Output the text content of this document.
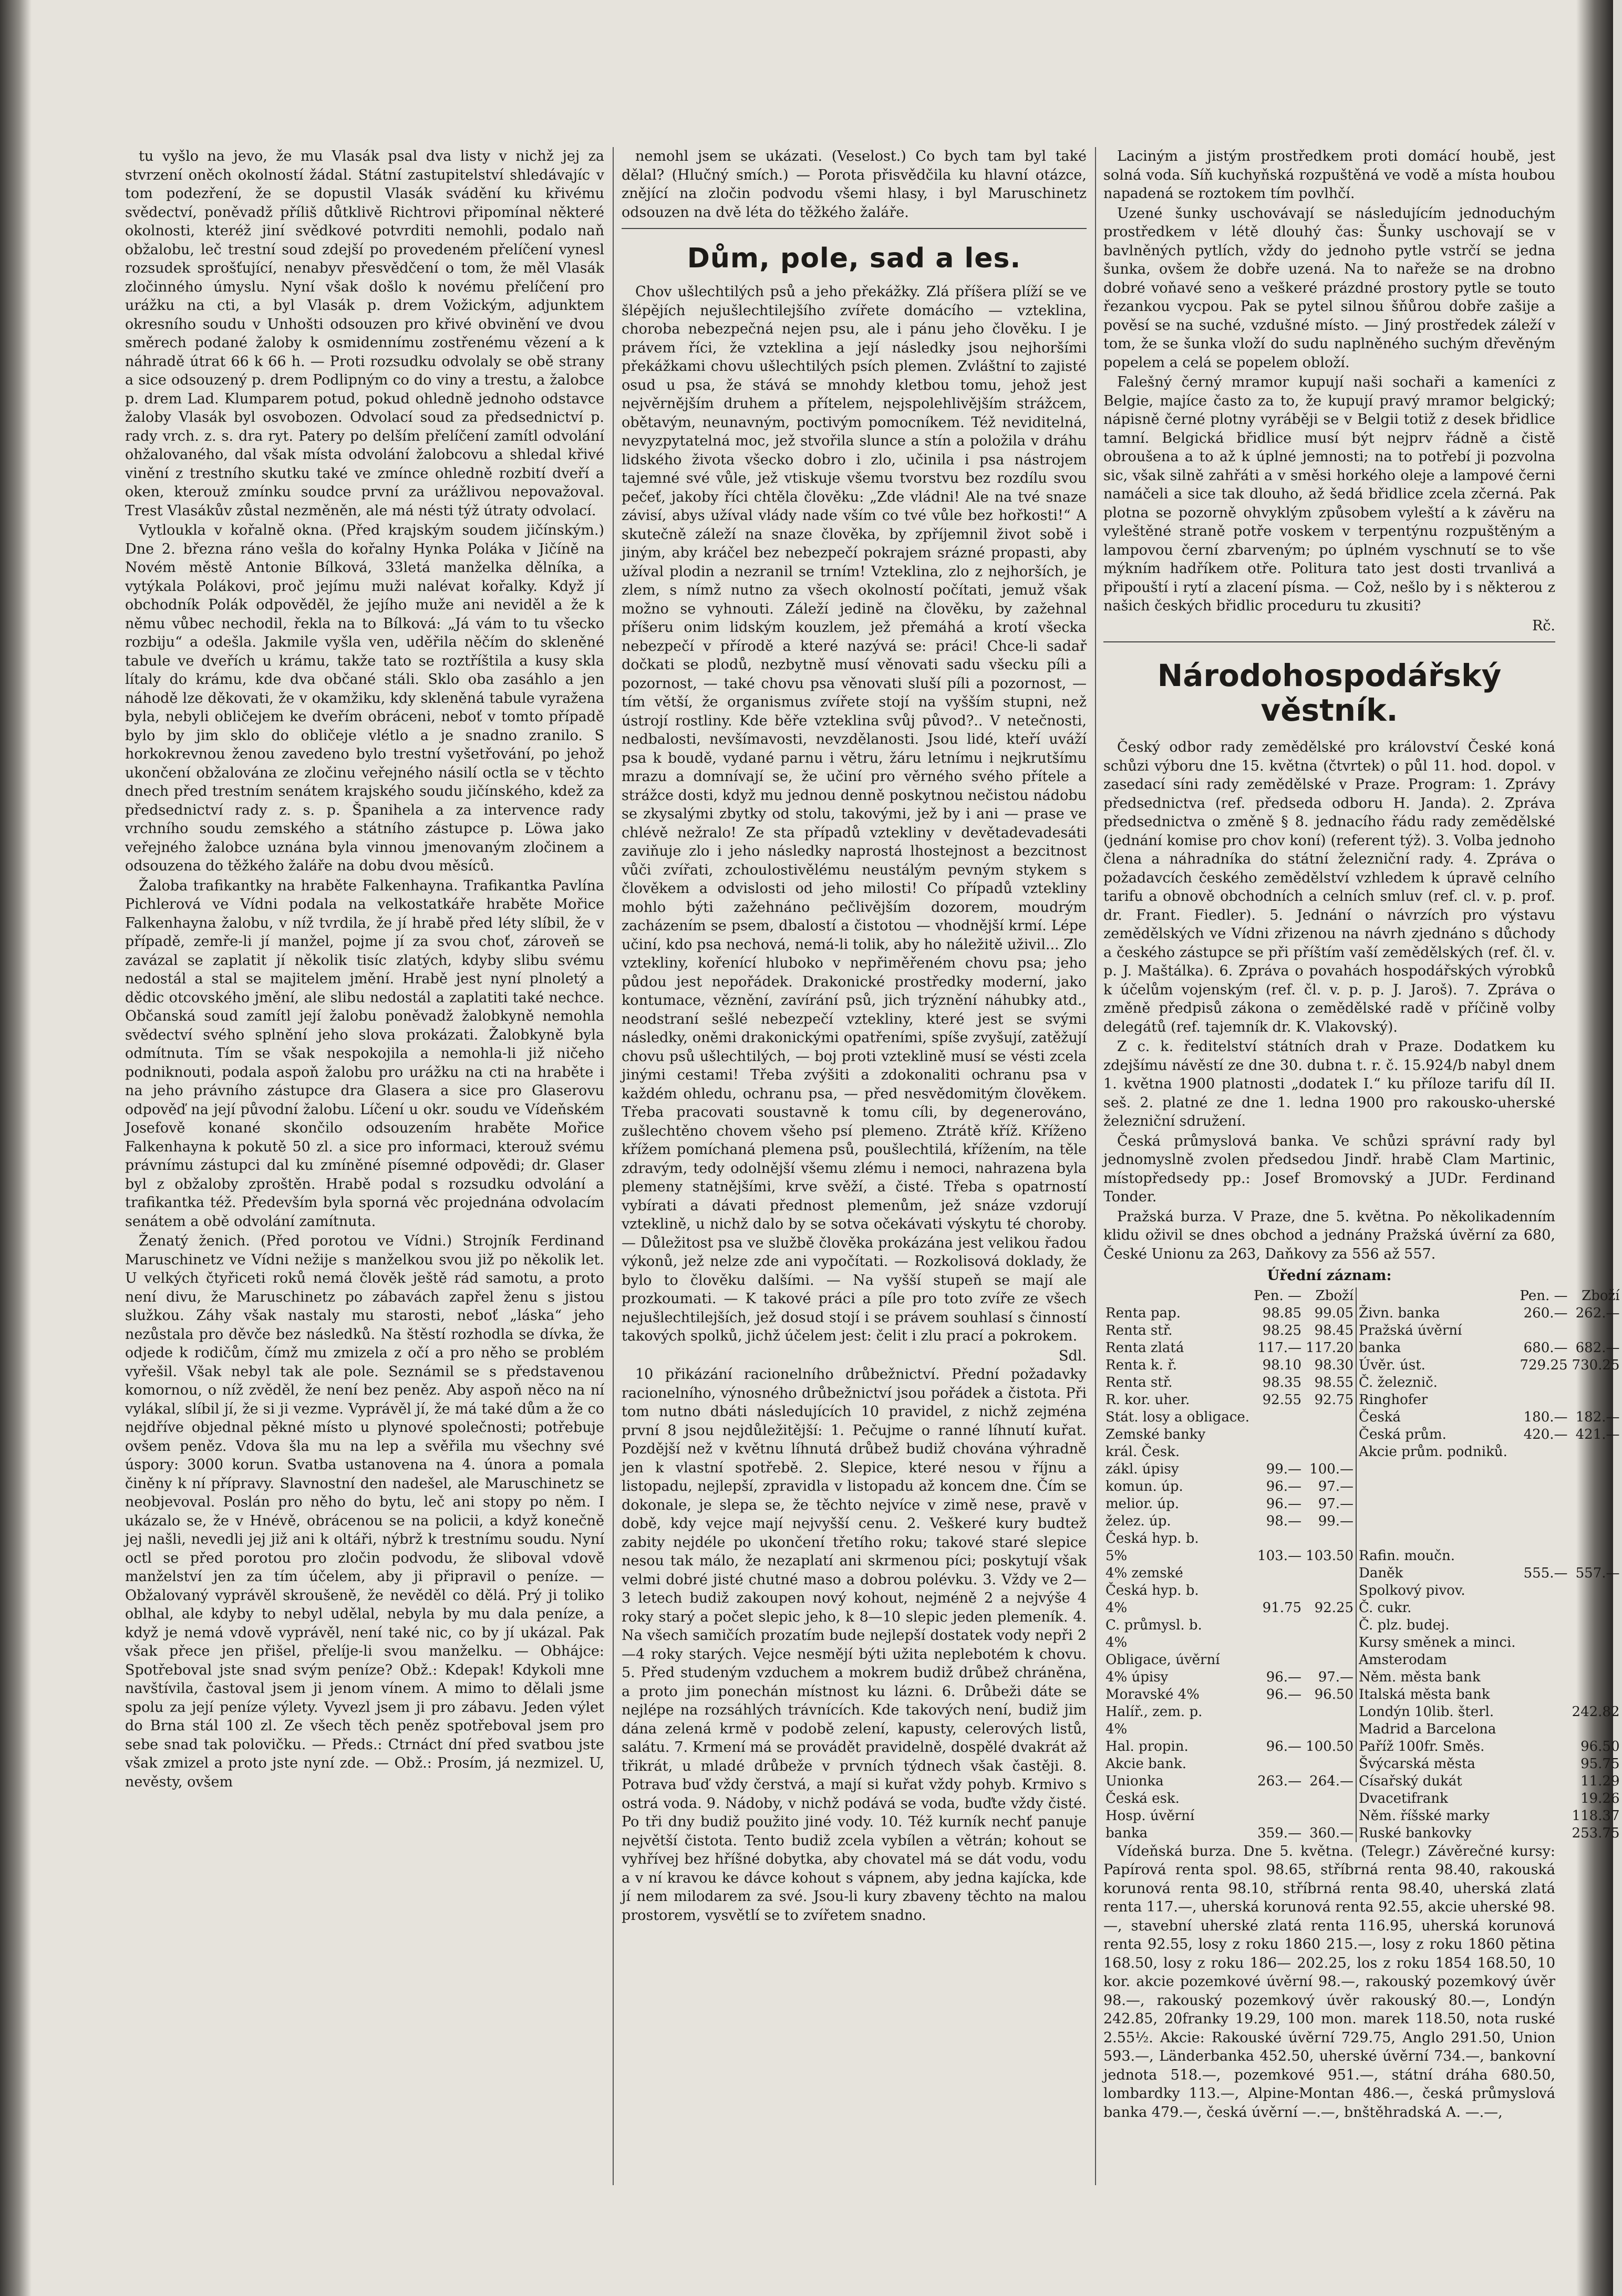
tu vyšlo na jevo, že mu Vlasák psal dva listy v nichž jej za stvrzení oněch okolností žádal. Státní zastupitelství shledávajíc v tom podezření, že se dopustil Vlasák svádění ku křivému svědectví, poněvadž příliš důtklivě Richtrovi připomínal některé okolnosti, kteréž jiní svědkové potvrditi nemohli, podalo naň obžalobu, leč trestní soud zdejší po provedeném přelíčení vynesl rozsudek sprošťující, nenabyv přesvědčení o tom, že měl Vlasák zločinného úmyslu. Nyní však došlo k novému přelíčení pro urážku na cti, a byl Vlasák p. drem Vožickým, adjunktem okresního soudu v Unhošti odsouzen pro křivé obvinění ve dvou směrech podané žaloby k osmidennímu zostřenému vězení a k náhradě útrat 66 k 66 h. — Proti rozsudku odvolaly se obě strany a sice odsouzený p. drem Podlipným co do viny a trestu, a žalobce p. drem Lad. Klumparem potud, pokud ohledně jednoho odstavce žaloby Vlasák byl osvobozen. Odvolací soud za předsednictví p. rady vrch. z. s. dra ryt. Patery po delším přelíčení zamítl odvolání ohžalovaného, dal však místa odvolání žalobcovu a shledal křivé vinění z trestního skutku také ve zmínce ohledně rozbití dveří a oken, kterouž zmínku soudce první za urážlivou nepovažoval. Trest Vlasákův zůstal nezměněn, ale má nésti týž útraty odvolací.

Vytloukla v kořalně okna. (Před krajským soudem jičínským.) Dne 2. března ráno vešla do kořalny Hynka Poláka v Jičíně na Novém městě Antonie Bílková, 33letá manželka dělníka, a vytýkala Polákovi, proč jejímu muži nalévat kořalky. Když jí obchodník Polák odpověděl, že jejího muže ani neviděl a že k němu vůbec nechodil, řekla na to Bílková: „Já vám to tu všecko rozbiju“ a odešla. Jakmile vyšla ven, uděřila něčím do skleněné tabule ve dveřích u krámu, takže tato se roztříštila a kusy skla lítaly do krámu, kde dva občané stáli. Sklo oba zasáhlo a jen náhodě lze děkovati, že v okamžiku, kdy skleněná tabule vyražena byla, nebyli obličejem ke dveřím obráceni, neboť v tomto případě bylo by jim sklo do obličeje vlétlo a je snadno zranilo. S horkokrevnou ženou zavedeno bylo trestní vyšetřování, po jehož ukončení obžalována ze zločinu veřejného násilí octla se v těchto dnech před trestním senátem krajského soudu jičínského, kdež za předsednictví rady z. s. p. Španihela a za intervence rady vrchního soudu zemského a státního zástupce p. Löwa jako veřejného žalobce uznána byla vinnou jmenovaným zločinem a odsouzena do těžkého žaláře na dobu dvou měsíců.

Žaloba trafikantky na hraběte Falkenhayna. Trafikantka Pavlína Pichlerová ve Vídni podala na velkostatkáře hraběte Mořice Falkenhayna žalobu, v níž tvrdila, že jí hrabě před léty slíbil, že v případě, zemře-li jí manžel, pojme jí za svou choť, zároveň se zavázal se zaplatit jí několik tisíc zlatých, kdyby slibu svému nedostál a stal se majitelem jmění. Hrabě jest nyní plnoletý a dědic otcovského jmění, ale slibu nedostál a zaplatiti také nechce. Občanská soud zamítl její žalobu poněvadž žalobkyně nemohla svědectví svého splnění jeho slova prokázati. Žalobkyně byla odmítnuta. Tím se však nespokojila a nemohla-li již ničeho podniknouti, podala aspoň žalobu pro urážku na cti na hraběte i na jeho právního zástupce dra Glasera a sice pro Glaserovu odpověď na její původní žalobu. Líčení u okr. soudu ve Vídeňském Josefově konané skončilo odsouzením hraběte Mořice Falkenhayna k pokutě 50 zl. a sice pro informaci, kterouž svému právnímu zástupci dal ku zmíněné písemné odpovědi; dr. Glaser byl z obžaloby zproštěn. Hrabě podal s rozsudku odvolání a trafikantka též. Především byla sporná věc projednána odvolacím senátem a obě odvolání zamítnuta.

Ženatý ženich. (Před porotou ve Vídni.) Strojník Ferdinand Maruschinetz ve Vídni nežije s manželkou svou již po několik let. U velkých čtyřiceti roků nemá člověk ještě rád samotu, a proto není divu, že Maruschinetz po zábavách zapřel ženu s jistou služkou. Záhy však nastaly mu starosti, neboť „láska“ jeho nezůstala pro děvče bez následků. Na štěstí rozhodla se dívka, že odjede k rodičům, čímž mu zmizela z očí a pro něho se problém vyřešil. Však nebyl tak ale pole. Seznámil se s představenou komornou, o níž zvěděl, že není bez peněz. Aby aspoň něco na ní vylákal, slíbil jí, že si ji vezme. Vyprávěl jí, že má také dům a že co nejdříve objednal pěkné místo u plynové společnosti; potřebuje ovšem peněz. Vdova šla mu na lep a svěřila mu všechny své úspory: 3000 korun. Svatba ustanovena na 4. února a pomala činěny k ní přípravy. Slavnostní den nadešel, ale Maruschinetz se neobjevoval. Poslán pro něho do bytu, leč ani stopy po něm. I ukázalo se, že v Hnévě, obrácenou se na policii, a když konečně jej našli, nevedli jej již ani k oltáři, nýbrž k trestnímu soudu. Nyní octl se před porotou pro zločin podvodu, že sliboval vdově manželství jen za tím účelem, aby ji připravil o peníze. — Obžalovaný vyprávěl skroušeně, že nevěděl co dělá. Prý ji toliko oblhal, ale kdyby to nebyl udělal, nebyla by mu dala peníze, a když je nemá vdově vyprávěl, není také nic, co by jí ukázal. Pak však přece jen přišel, přelíje-li svou manželku. — Obhájce: Spotřeboval jste snad svým peníze? Obž.: Kdepak! Kdykoli mne navštívila, častoval jsem ji jenom vínem. A mimo to dělali jsme spolu za její peníze výlety. Vyvezl jsem ji pro zábavu. Jeden výlet do Brna stál 100 zl. Ze všech těch peněz spotřeboval jsem pro sebe snad tak polovičku. — Předs.: Ctrnáct dní před svatbou jste však zmizel a proto jste nyní zde. — Obž.: Prosím, já nezmizel. U, nevěsty, ovšem

nemohl jsem se ukázati. (Veselost.) Co bych tam byl také dělal? (Hlučný smích.) — Porota přisvědčila ku hlavní otázce, znějící na zločin podvodu všemi hlasy, i byl Maruschinetz odsouzen na dvě léta do těžkého žaláře.

Dům, pole, sad a les.

Chov ušlechtilých psů a jeho překážky. Zlá příšera plíží se ve šlépějích nejušlechtilejšího zvířete domácího — vzteklina, choroba nebezpečná nejen psu, ale i pánu jeho člověku. I je právem říci, že vzteklina a její následky jsou nejhoršími překážkami chovu ušlechtilých psích plemen. Zvláštní to zajisté osud u psa, že stává se mnohdy kletbou tomu, jehož jest nejvěrnějším druhem a přítelem, nejspolehlivějším strážcem, obětavým, neunavným, poctivým pomocníkem. Též neviditelná, nevyzpytatelná moc, jež stvořila slunce a stín a položila v dráhu lidského života všecko dobro i zlo, učinila i psa nástrojem tajemné své vůle, jež vtiskuje všemu tvorstvu bez rozdílu svou pečeť, jakoby říci chtěla člověku: „Zde vládni! Ale na tvé snaze závisí, abys užíval vlády nade vším co tvé vůle bez hořkosti!“ A skutečně záleží na snaze člověka, by zpříjemnil život sobě i jiným, aby kráčel bez nebezpečí pokrajem srázné propasti, aby užíval plodin a nezranil se trním! Vzteklina, zlo z nejhorších, je zlem, s nímž nutno za všech okolností počítati, jemuž však možno se vyhnouti. Záleží jedině na člověku, by zažehnal příšeru onim lidským kouzlem, jež přemáhá a krotí všecka nebezpečí v přírodě a které nazývá se: práci! Chce-li sadař dočkati se plodů, nezbytně musí věnovati sadu všecku píli a pozornost, — také chovu psa věnovati sluší píli a pozornost, — tím větší, že organismus zvířete stojí na vyšším stupni, než ústrojí rostliny. Kde běře vzteklina svůj původ?.. V netečnosti, nedbalosti, nevšímavosti, nevzdělanosti. Jsou lidé, kteří uváží psa k boudě, vydané parnu i větru, žáru letnímu i nejkrutšímu mrazu a domnívají se, že učiní pro věrného svého přítele a strážce dosti, když mu jednou denně poskytnou nečistou nádobu se zkysalými zbytky od stolu, takovými, jež by i ani — prase ve chlévě nežralo! Ze sta případů vztekliny v devětadevadesáti zaviňuje zlo i jeho následky naprostá lhostejnost a bezcitnost vůči zvířati, zchoulostivělému neustálým pevným stykem s člověkem a odvislosti od jeho milosti! Co případů vztekliny mohlo býti zažehnáno pečlivějším dozorem, moudrým zacházením se psem, dbalostí a čistotou — vhodnější krmí. Lépe učiní, kdo psa nechová, nemá-li tolik, aby ho náležitě uživil... Zlo vztekliny, kořenící hluboko v nepřiměřeném chovu psa; jeho půdou jest nepořádek. Drakonické prostředky moderní, jako kontumace, věznění, zavírání psů, jich trýznění náhubky atd., neodstraní sešlé nebezpečí vztekliny, které jest se svými následky, oněmi drakonickými opatřeními, spíše zvyšují, zatěžují chovu psů ušlechtilých, — boj proti vzteklině musí se vésti zcela jinými cestami! Třeba zvýšiti a zdokonaliti ochranu psa v každém ohledu, ochranu psa, — před nesvědomitým člověkem. Třeba pracovati soustavně k tomu cíli, by degenerováno, zušlechtěno chovem všeho psí plemeno. Ztrátě kříž. Kříženo křížem pomíchaná plemena psů, poušlechtilá, křížením, na těle zdravým, tedy odolnější všemu zlému i nemoci, nahrazena byla plemeny statnějšími, krve svěží, a čisté. Třeba s opatrností vybírati a dávati přednost plemenům, jež snáze vzdorují vzteklině, u nichž dalo by se sotva očekávati výskytu té choroby. — Důležitost psa ve službě člověka prokázána jest velikou řadou výkonů, jež nelze zde ani vypočítati. — Rozkolisová doklady, že bylo to člověku dalšími. — Na vyšší stupeň se mají ale prozkoumati. — K takové práci a píle pro toto zvíře ze všech nejušlechtilejších, jež dosud stojí i se právem souhlasí s činností takových spolků, jichž účelem jest: čelit i zlu prací a pokrokem.

Sdl.

10 přikázání racionelního drůbežnictví. Přední požadavky racionelního, výnosného drůbežnictví jsou pořádek a čistota. Při tom nutno dbáti následujících 10 pravidel, z nichž zejména první 8 jsou nejdůležitější: 1. Pečujme o ranné líhnutí kuřat. Pozdější než v květnu líhnutá drůbež budiž chována výhradně jen k vlastní spotřebě. 2. Slepice, které nesou v říjnu a listopadu, nejlepší, zpravidla v listopadu až koncem dne. Čím se dokonale, je slepa se, že těchto nejvíce v zimě nese, pravě v době, kdy vejce mají nejvyšší cenu. 2. Veškeré kury budtež zabity nejdéle po ukončení třetího roku; takové staré slepice nesou tak málo, že nezaplatí ani skrmenou píci; poskytují však velmi dobré jisté chutné maso a dobrou polévku. 3. Vždy ve 2—3 letech budiž zakoupen nový kohout, nejméně 2 a nejvýše 4 roky starý a počet slepic jeho, k 8—10 slepic jeden plemeník. 4. Na všech samičích prozatím bude nejlepší dostatek vody nepři 2—4 roky starých. Vejce nesmějí býti užita neplebotém k chovu. 5. Před studeným vzduchem a mokrem budiž drůbež chráněna, a proto jim ponechán místnost ku lázni. 6. Drůbeži dáte se nejlépe na rozsáhlých trávnících. Kde takových není, budiž jim dána zelená krmě v podobě zelení, kapusty, celerových listů, salátu. 7. Krmení má se provádět pravidelně, dospělé dvakrát až třikrát, u mladé drůbeže v prvních týdnech však častěji. 8. Potrava buď vždy čerstvá, a mají si kuřat vždy pohyb. Krmivo s ostrá voda. 9. Nádoby, v nichž podává se voda, buďte vždy čisté. Po tři dny budiž použito jiné vody. 10. Též kurník nechť panuje největší čistota. Tento budiž zcela vybílen a větrán; kohout se vyhřívej bez hříšné dobytka, aby chovatel má se dát vodu, vodu a v ní kravou ke dávce kohout s vápnem, aby jedna kajícka, kde jí nem milodarem za své. Jsou-li kury zbaveny těchto na malou prostorem, vysvětlí se to zvířetem snadno.

Laciným a jistým prostředkem proti domácí houbě, jest solná voda. Síň kuchyňská rozpuštěná ve vodě a místa houbou napadená se roztokem tím povlhčí.

Uzené šunky uschovávají se následujícím jednoduchým prostředkem v létě dlouhý čas: Šunky uschovají se v bavlněných pytlích, vždy do jednoho pytle vstrčí se jedna šunka, ovšem že dobře uzená. Na to nařeže se na drobno dobré voňavé seno a veškeré prázdné prostory pytle se touto řezankou vycpou. Pak se pytel silnou šňůrou dobře zašije a pověsí se na suché, vzdušné místo. — Jiný prostředek záleží v tom, že se šunka vloží do sudu naplněného suchým dřevěným popelem a celá se popelem obloží.

Falešný černý mramor kupují naši sochaři a kameníci z Belgie, majíce často za to, že kupují pravý mramor belgický; nápisně černé plotny vyráběji se v Belgii totiž z desek břidlice tamní. Belgická břidlice musí být nejprv řádně a čistě obroušena a to až k úplné jemnosti; na to potřebí ji pozvolna sic, však silně zahřáti a v směsi horkého oleje a lampové černi namáčeli a sice tak dlouho, až šedá břidlice zcela zčerná. Pak plotna se pozorně ohvyklým způsobem vyleští a k závěru na vyleštěné straně potře voskem v terpentýnu rozpuštěným a lampovou černí zbarveným; po úplném vyschnutí se to vše mýkním hadříkem otře. Politura tato jest dosti trvanlivá a připouští i rytí a zlacení písma. — Což, nešlo by i s některou z našich českých břidlic proceduru tu zkusiti?

Rč.
Národohospodářský věstník.

Český odbor rady zemědělské pro království České koná schůzi výboru dne 15. května (čtvrtek) o půl 11. hod. dopol. v zasedací síni rady zemědělské v Praze. Program: 1. Zprávy předsednictva (ref. předseda odboru H. Janda). 2. Zpráva předsednictva o změně § 8. jednacího řádu rady zemědělské (jednání komise pro chov koní) (referent týž). 3. Volba jednoho člena a náhradníka do státní železniční rady. 4. Zpráva o požadavcích českého zemědělství vzhledem k úpravě celního tarifu a obnově obchodních a celních smluv (ref. cl. v. p. prof. dr. Frant. Fiedler). 5. Jednání o návrzích pro výstavu zemědělských ve Vídni zřizenou na návrh zjednáno s důchody a českého zástupce se při příštím vaší zemědělských (ref. čl. v. p. J. Maštálka). 6. Zpráva o povahách hospodářských výrobků k účelům vojenským (ref. čl. v. p. p. J. Jaroš). 7. Zpráva o změně předpisů zákona o zemědělské radě v příčině volby delegátů (ref. tajemník dr. K. Vlakovský).

Z c. k. ředitelství státních drah v Praze. Dodatkem ku zdejšímu návěstí ze dne 30. dubna t. r. č. 15.924/b nabyl dnem 1. května 1900 platnosti „dodatek I.“ ku příloze tarifu díl II. seš. 2. platné ze dne 1. ledna 1900 pro rakousko-uherské železniční sdružení.

Česká průmyslová banka. Ve schůzi správní rady byl jednomyslně zvolen předsedou Jindř. hrabě Clam Martinic, místopředsedy pp.: Josef Bromovský a JUDr. Ferdinand Tonder.

Pražská burza. V Praze, dne 5. května. Po několikadenním klidu oživil se dnes obchod a jednány Pražská úvěrní za 680, České Unionu za 263, Daňkovy za 556 až 557.

Úřední záznam:
	Pen. —	Zboží		Pen. —	Zboží
Renta pap.	98.85	99.05	Živn. banka	260.—	262.—
Renta stř.	98.25	98.45	Pražská úvěrní		
Renta zlatá	117.—	117.20	banka	680.—	682.—
Renta k. ř.	98.10	98.30	Úvěr. úst.	729.25	730.25
Renta stř.	98.35	98.55	Č. železnič.		
R. kor. uher.	92.55	92.75	Ringhofer		
Stát. losy a obligace.			Česká	180.—	182.—
Zemské banky			Česká prům.	420.—	421.—
král. Česk.			Akcie prům. podniků.		
zákl. úpisy	99.—	100.—			
komun. úp.	96.—	97.—			
melior. úp.	96.—	97.—			
želez. úp.	98.—	99.—			
Česká hyp. b.					
5%	103.—	103.50	Rafin. moučn.		
4% zemské			Daněk	555.—	557.—
Česká hyp. b.			Spolkový pivov.		
4%	91.75	92.25	Č. cukr.		
C. průmysl. b.			Č. plz. budej.		
4%			Kursy směnek a minci.		
Obligace, úvěrní			Amsterodam		
4% úpisy	96.—	97.—	Něm. města bank		
Moravské 4%	96.—	96.50	Italská města bank		
Halíř., zem. p.			Londýn 10lib. šterl.		242.82
4%			Madrid a Barcelona		
Hal. propin.	96.—	100.50	Paříž 100fr. Směs.		96.50
Akcie bank.			Švýcarská města		95.75
Unionka	263.—	264.—	Císařský dukát		11.29
Česká esk.			Dvacetifrank		19.26
Hosp. úvěrní			Něm. říšské marky		118.37
banka	359.—	360.—	Ruské bankovky		253.75

Vídeňská burza. Dne 5. května. (Telegr.) Závěrečné kursy: Papírová renta spol. 98.65, stříbrná renta 98.40, rakouská korunová renta 98.10, stříbrná renta 98.40, uherská zlatá renta 117.—, uherská korunová renta 92.55, akcie uherské 98.—, stavební uherské zlatá renta 116.95, uherská korunová renta 92.55, losy z roku 1860 215.—, losy z roku 1860 pětina 168.50, losy z roku 186— 202.25, los z roku 1854 168.50, 10 kor. akcie pozemkové úvěrní 98.—, rakouský pozemkový úvěr 98.—, rakouský pozemkový úvěr rakouský 80.—, Londýn 242.85, 20franky 19.29, 100 mon. marek 118.50, nota ruské 2.55½. Akcie: Rakouské úvěrní 729.75, Anglo 291.50, Union 593.—, Länderbanka 452.50, uherské úvěrní 734.—, bankovní jednota 518.—, pozemkové 951.—, státní dráha 680.50, lombardky 113.—, Alpine-Montan 486.—, česká průmyslová banka 479.—, česká úvěrní —.—, bnštěhradská A. —.—,
